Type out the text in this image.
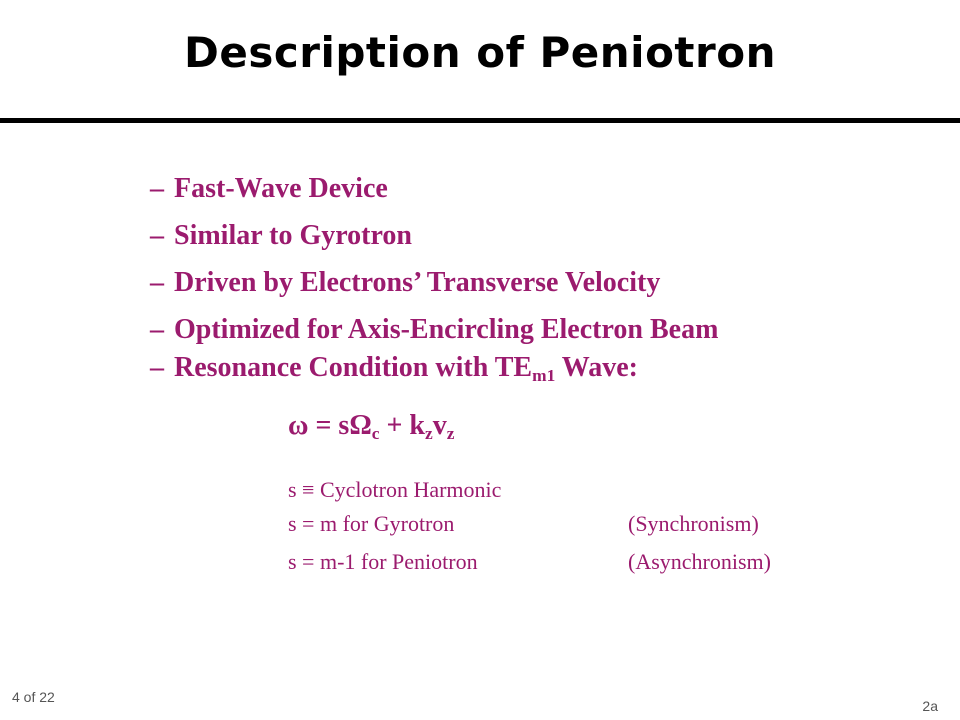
Description of Peniotron
– Fast-Wave Device
– Similar to Gyrotron
– Driven by Electrons’ Transverse Velocity
– Optimized for Axis-Encircling Electron Beam
– Resonance Condition with $TE_{m1}$ Wave:
$\omega = s\Omega_c + k_zv_z$
s ≡ Cyclotron Harmonic
s = m for Gyrotron	(Synchronism)
s = m-1 for Peniotron	(Asynchronism)
4 of 22
2a
